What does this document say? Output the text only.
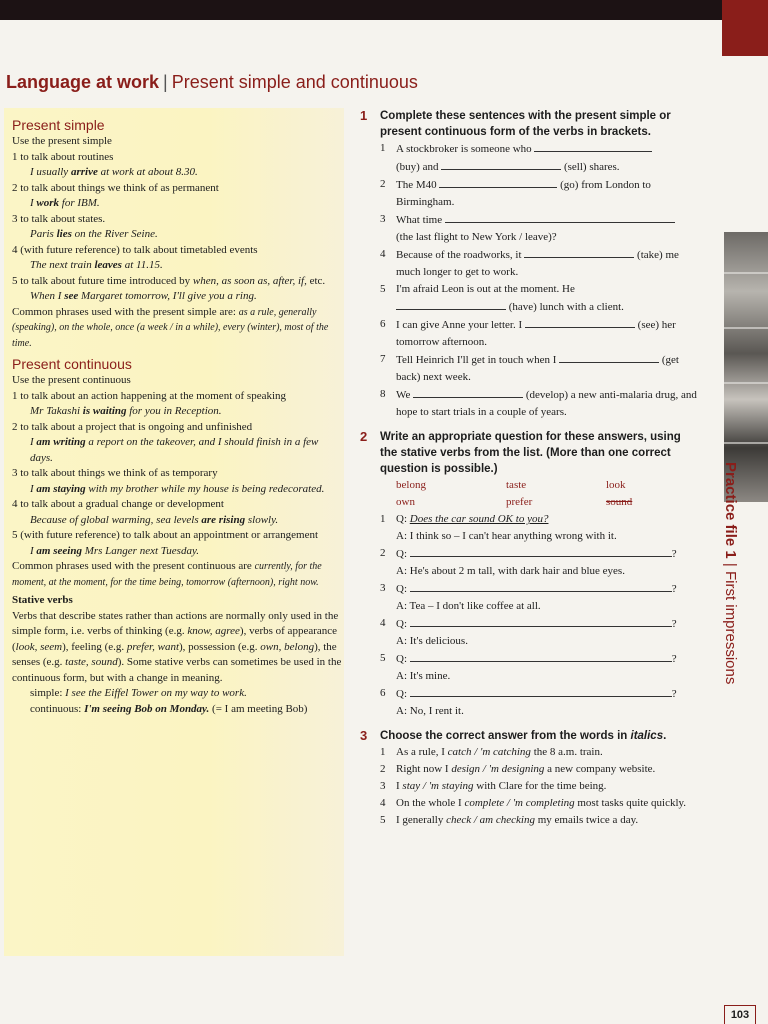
Practice file 1 | First impressions
Language at work | Present simple and continuous
Present simple
Use the present simple
1 to talk about routines
I usually arrive at work at about 8.30.
2 to talk about things we think of as permanent
I work for IBM.
3 to talk about states.
Paris lies on the River Seine.
4 (with future reference) to talk about timetabled events
The next train leaves at 11.15.
5 to talk about future time introduced by when, as soon as, after, if, etc.
When I see Margaret tomorrow, I'll give you a ring.
Common phrases used with the present simple are: as a rule, generally (speaking), on the whole, once (a week / in a while), every (winter), most of the time.
Present continuous
Use the present continuous
1 to talk about an action happening at the moment of speaking
Mr Takashi is waiting for you in Reception.
2 to talk about a project that is ongoing and unfinished
I am writing a report on the takeover, and I should finish in a few days.
3 to talk about things we think of as temporary
I am staying with my brother while my house is being redecorated.
4 to talk about a gradual change or development
Because of global warming, sea levels are rising slowly.
5 (with future reference) to talk about an appointment or arrangement
I am seeing Mrs Langer next Tuesday.
Common phrases used with the present continuous are currently, for the moment, at the moment, for the time being, tomorrow (afternoon), right now.
Stative verbs
Verbs that describe states rather than actions are normally only used in the simple form, i.e. verbs of thinking (e.g. know, agree), verbs of appearance (look, seem), feeling (e.g. prefer, want), possession (e.g. own, belong), the senses (e.g. taste, sound). Some stative verbs can sometimes be used in the continuous form, but with a change in meaning.
simple: I see the Eiffel Tower on my way to work.
continuous: I'm seeing Bob on Monday. (= I am meeting Bob)
1 Complete these sentences with the present simple or present continuous form of the verbs in brackets.
1 A stockbroker is someone who
(buy) and	(sell) shares.
2 The M40	(go) from London to Birmingham.
3 What time
(the last flight to New York / leave)?
4 Because of the roadworks, it	(take) me much longer to get to work.
5 I'm afraid Leon is out at the moment. He
(have) lunch with a client.
6 I can give Anne your letter. I	(see) her tomorrow afternoon.
7 Tell Heinrich I'll get in touch when I	(get back) next week.
8 We	(develop) a new anti-malaria drug, and hope to start trials in a couple of years.
2 Write an appropriate question for these answers, using the stative verbs from the list. (More than one correct question is possible.)
belong	taste	look
own	prefer	sound
1 Q: Does the car sound OK to you?
A: I think so – I can't hear anything wrong with it.
2 Q:	?
A: He's about 2 m tall, with dark hair and blue eyes.
3 Q:	?
A: Tea – I don't like coffee at all.
4 Q:	?
A: It's delicious.
5 Q:	?
A: It's mine.
6 Q:	?
A: No, I rent it.
3 Choose the correct answer from the words in italics.
1 As a rule, I catch / 'm catching the 8 a.m. train.
2 Right now I design / 'm designing a new company website.
3 I stay / 'm staying with Clare for the time being.
4 On the whole I complete / 'm completing most tasks quite quickly.
5 I generally check / am checking my emails twice a day.
103
